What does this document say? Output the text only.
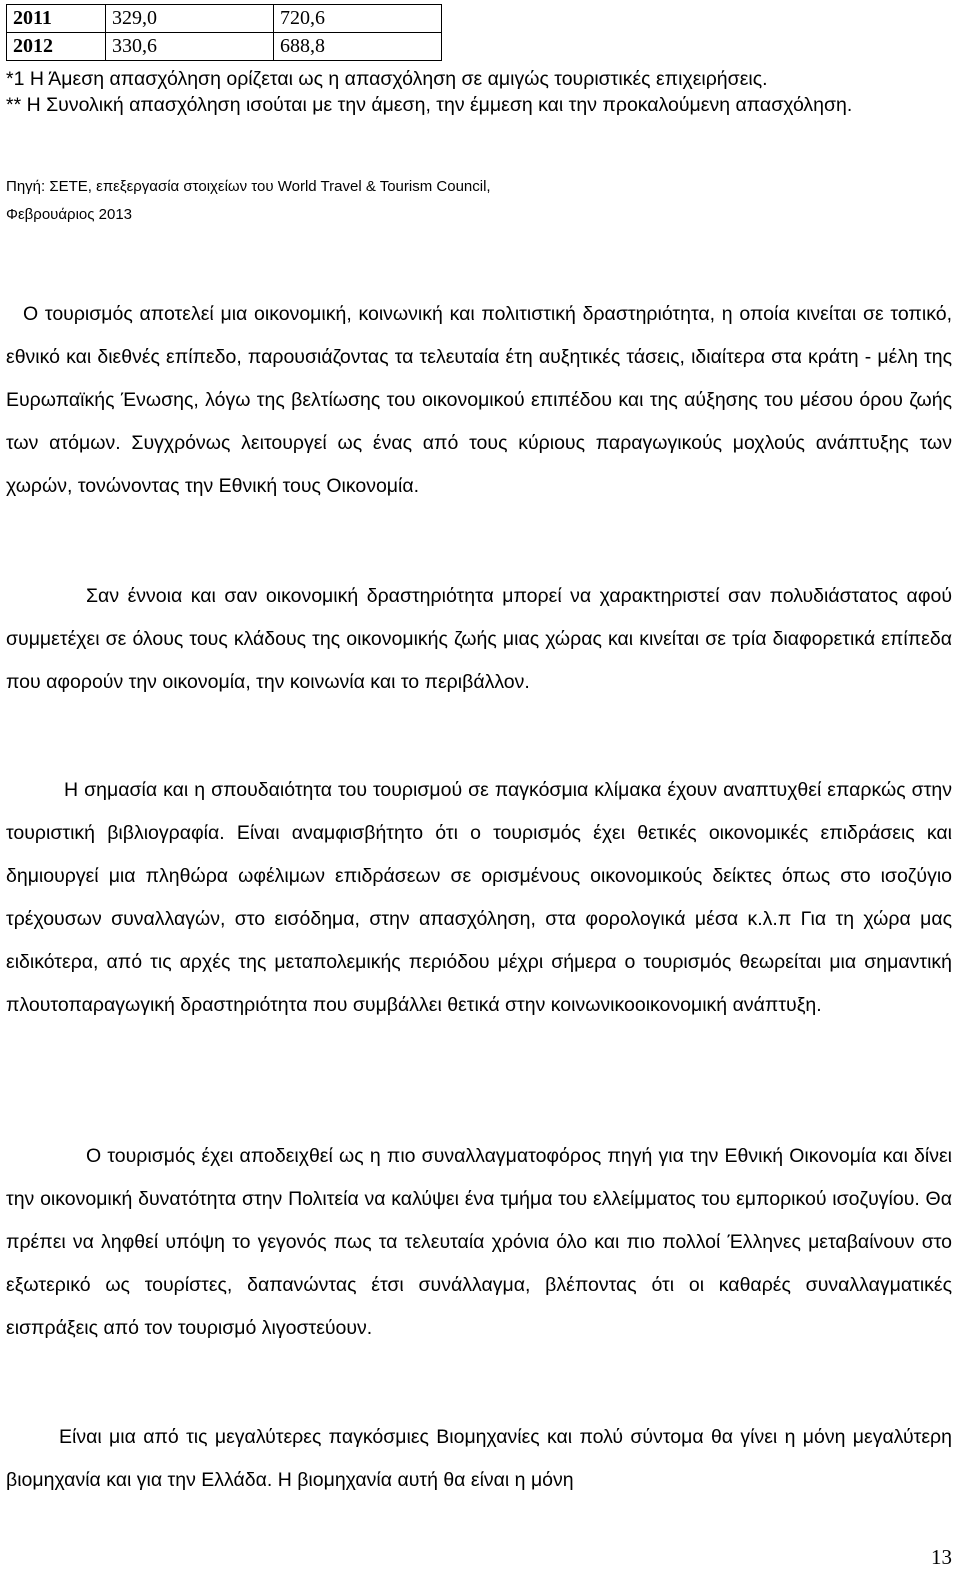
2011	329,0	720,6
2012	330,6	688,8

*1 Η Άμεση απασχόληση ορίζεται ως η απασχόληση σε αμιγώς τουριστικές επιχειρήσεις.

** Η Συνολική απασχόληση ισούται με την άμεση, την έμμεση και την προκαλούμενη απασχόληση.

Πηγή: ΣΕΤΕ, επεξεργασία στοιχείων του World Travel & Tourism Council,

Φεβρουάριος 2013

Ο τουρισμός αποτελεί μια οικονομική, κοινωνική και πολιτιστική δραστηριότητα, η οποία κινείται σε τοπικό, εθνικό και διεθνές επίπεδο, παρουσιάζοντας τα τελευταία έτη αυξητικές τάσεις, ιδιαίτερα στα κράτη - μέλη της Ευρωπαϊκής Ένωσης, λόγω της βελτίωσης του οικονομικού επιπέδου και της αύξησης του μέσου όρου ζωής των ατόμων. Συγχρόνως λειτουργεί ως ένας από τους κύριους παραγωγικούς μοχλούς ανάπτυξης των χωρών, τονώνοντας την Εθνική τους Οικονομία.

Σαν έννοια και σαν οικονομική δραστηριότητα μπορεί να χαρακτηριστεί σαν πολυδιάστατος αφού συμμετέχει σε όλους τους κλάδους της οικονομικής ζωής μιας χώρας και κινείται σε τρία διαφορετικά επίπεδα που αφορούν την οικονομία, την κοινωνία και το περιβάλλον.

Η σημασία και η σπουδαιότητα του τουρισμού σε παγκόσμια κλίμακα έχουν αναπτυχθεί επαρκώς στην τουριστική βιβλιογραφία. Είναι αναμφισβήτητο ότι ο τουρισμός έχει θετικές οικονομικές επιδράσεις και δημιουργεί μια πληθώρα ωφέλιμων επιδράσεων σε ορισμένους οικονομικούς δείκτες όπως στο ισοζύγιο τρέχουσων συναλλαγών, στο εισόδημα, στην απασχόληση, στα φορολογικά μέσα κ.λ.π Για τη χώρα μας ειδικότερα, από τις αρχές της μεταπολεμικής περιόδου μέχρι σήμερα ο τουρισμός θεωρείται μια σημαντική πλουτοπαραγωγική δραστηριότητα που συμβάλλει θετικά στην κοινωνικοοικονομική ανάπτυξη.

Ο τουρισμός έχει αποδειχθεί ως η πιο συναλλαγματοφόρος πηγή για την Εθνική Οικονομία και δίνει την οικονομική δυνατότητα στην Πολιτεία να καλύψει ένα τμήμα του ελλείμματος του εμπορικού ισοζυγίου. Θα πρέπει να ληφθεί υπόψη το γεγονός πως τα τελευταία χρόνια όλο και πιο πολλοί Έλληνες μεταβαίνουν στο εξωτερικό ως τουρίστες, δαπανώντας έτσι συνάλλαγμα, βλέποντας ότι οι καθαρές συναλλαγματικές εισπράξεις από τον τουρισμό λιγοστεύουν.

Είναι μια από τις μεγαλύτερες παγκόσμιες Βιομηχανίες και πολύ σύντομα θα γίνει η μόνη μεγαλύτερη βιομηχανία και για την Ελλάδα. Η βιομηχανία αυτή θα είναι η μόνη

13
